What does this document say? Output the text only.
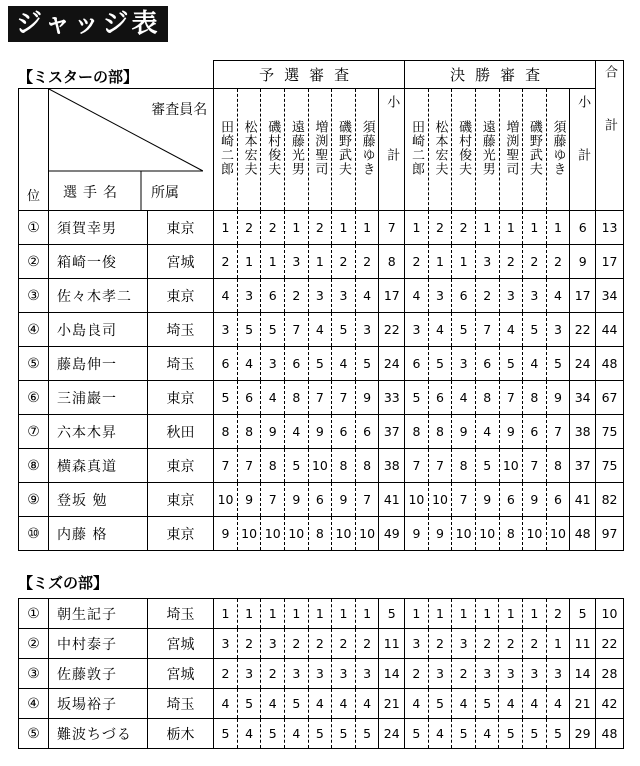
ジャッジ表
【ミスターの部】
			予選審査								決勝審査								合計
位	審査員名
選手名 所属		田崎二郎	松本宏夫	磯村俊夫	遠藤光男	増渕聖司	磯野武夫	須藤ゆき	小計	田崎二郎	松本宏夫	磯村俊夫	遠藤光男	増渕聖司	磯野武夫	須藤ゆき	小計	
①	須賀幸男	東京	1	2	2	1	2	1	1	7	1	2	2	1	1	1	1	6	13
②	箱崎一俊	宮城	2	1	1	3	1	2	2	8	2	1	1	3	2	2	2	9	17
③	佐々木孝二	東京	4	3	6	2	3	3	4	17	4	3	6	2	3	3	4	17	34
④	小島良司	埼玉	3	5	5	7	4	5	3	22	3	4	5	7	4	5	3	22	44
⑤	藤島伸一	埼玉	6	4	3	6	5	4	5	24	6	5	3	6	5	4	5	24	48
⑥	三浦巖一	東京	5	6	4	8	7	7	9	33	5	6	4	8	7	8	9	34	67
⑦	六本木昇	秋田	8	8	9	4	9	6	6	37	8	8	9	4	9	6	7	38	75
⑧	横森真道	東京	7	7	8	5	10	8	8	38	7	7	8	5	10	7	8	37	75
⑨	登坂 勉	東京	10	9	7	9	6	9	7	41	10	10	7	9	6	9	6	41	82
⑩	内藤 格	東京	9	10	10	10	8	10	10	49	9	9	10	10	8	10	10	48	97
【ミズの部】
①	朝生記子	埼玉	1	1	1	1	1	1	1	5	1	1	1	1	1	1	2	5	10
②	中村泰子	宮城	3	2	3	2	2	2	2	11	3	2	3	2	2	2	1	11	22
③	佐藤敦子	宮城	2	3	2	3	3	3	3	14	2	3	2	3	3	3	3	14	28
④	坂場裕子	埼玉	4	5	4	5	4	4	4	21	4	5	4	5	4	4	4	21	42
⑤	難波ちづる	栃木	5	4	5	4	5	5	5	24	5	4	5	4	5	5	5	29	48
